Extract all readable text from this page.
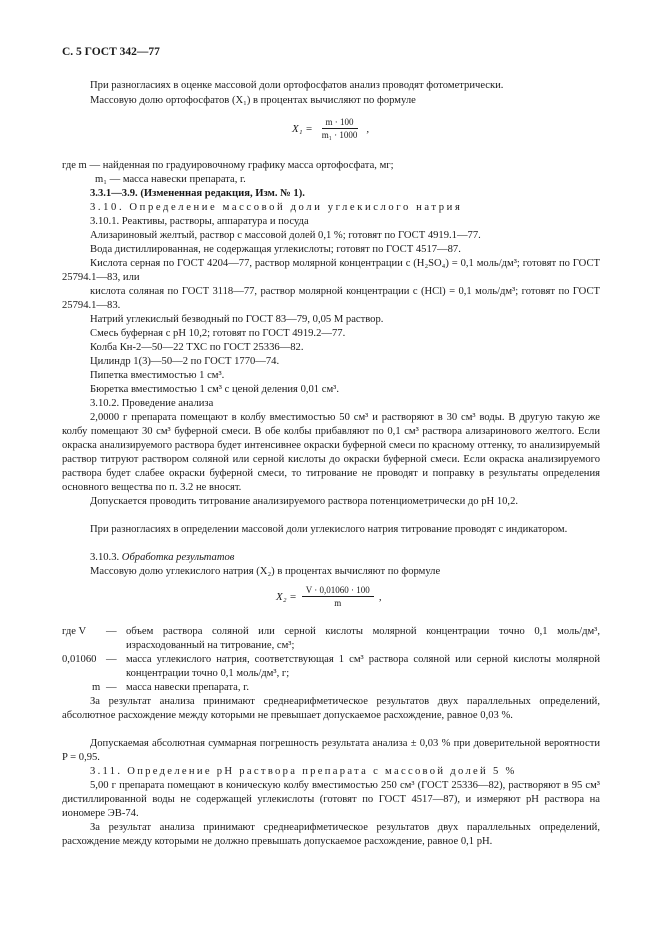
С. 5 ГОСТ 342—77
При разногласиях в оценке массовой доли ортофосфатов анализ проводят фотометрически.
Массовую долю ортофосфатов (X₁) в процентах вычисляют по формуле
$X_1 = \frac{m \cdot 100}{\text{m₁ · 1000}}$ ,
где m — найденная по градуировочному графику масса ортофосфата, мг;
m₁ — масса навески препарата, г.
3.3.1—3.9. (Измененная редакция, Изм. № 1).
3.10. Определение массовой доли углекислого натрия
3.10.1. Реактивы, растворы, аппаратура и посуда
Ализариновый желтый, раствор с массовой долей 0,1 %; готовят по ГОСТ 4919.1—77.
Вода дистиллированная, не содержащая углекислоты; готовят по ГОСТ 4517—87.
Кислота серная по ГОСТ 4204—77, раствор молярной концентрации c (H₂SO₄) = 0,1 моль/дм³; готовят по ГОСТ 25794.1—83, или
кислота соляная по ГОСТ 3118—77, раствор молярной концентрации c (HCl) = 0,1 моль/дм³; готовят по ГОСТ 25794.1—83.
Натрий углекислый безводный по ГОСТ 83—79, 0,05 М раствор.
Смесь буферная с pH 10,2; готовят по ГОСТ 4919.2—77.
Колба Кн-2—50—22 ТХС по ГОСТ 25336—82.
Цилиндр 1(3)—50—2 по ГОСТ 1770—74.
Пипетка вместимостью 1 см³.
Бюретка вместимостью 1 см³ с ценой деления 0,01 см³.
3.10.2. Проведение анализа
2,0000 г препарата помещают в колбу вместимостью 50 см³ и растворяют в 30 см³ воды. В другую такую же колбу помещают 30 см³ буферной смеси. В обе колбы прибавляют по 0,1 см³ раствора ализаринового желтого. Если окраска анализируемого раствора будет интенсивнее окраски буферной смеси по красному оттенку, то анализируемый раствор титруют раствором соляной или серной кислоты до окраски буферной смеси. Если окраска анализируемого раствора будет слабее окраски буферной смеси, то титрование не проводят и поправку в результаты определения основного вещества по п. 3.2 не вносят.
Допускается проводить титрование анализируемого раствора потенциометрически до pH 10,2.
При разногласиях в определении массовой доли углекислого натрия титрование проводят с индикатором.
3.10.3. Обработка результатов
Массовую долю углекислого натрия (X₂) в процентах вычисляют по формуле
$X_2 = \frac{V \cdot 0,01060 \cdot 100}{m}$ ,
где V	— объем раствора соляной или серной кислоты молярной концентрации точно 0,1 моль/дм³, израсходованный на титрование, см³;
0,01060 — масса углекислого натрия, соответствующая 1 см³ раствора соляной или серной кислоты молярной концентрации точно 0,1 моль/дм³, г;
m — масса навески препарата, г.
За результат анализа принимают среднеарифметическое результатов двух параллельных определений, абсолютное расхождение между которыми не превышает допускаемое расхождение, равное 0,03 %.
Допускаемая абсолютная суммарная погрешность результата анализа ± 0,03 % при доверительной вероятности P = 0,95.
3.11. Определение pH раствора препарата с массовой долей 5 %
5,00 г препарата помещают в коническую колбу вместимостью 250 см³ (ГОСТ 25336—82), растворяют в 95 см³ дистиллированной воды не содержащей углекислоты (готовят по ГОСТ 4517—87), и измеряют pH раствора на иономере ЭВ-74.
За результат анализа принимают среднеарифметическое результатов двух параллельных определений, расхождение между которыми не должно превышать допускаемое расхождение, равное 0,1 pH.
